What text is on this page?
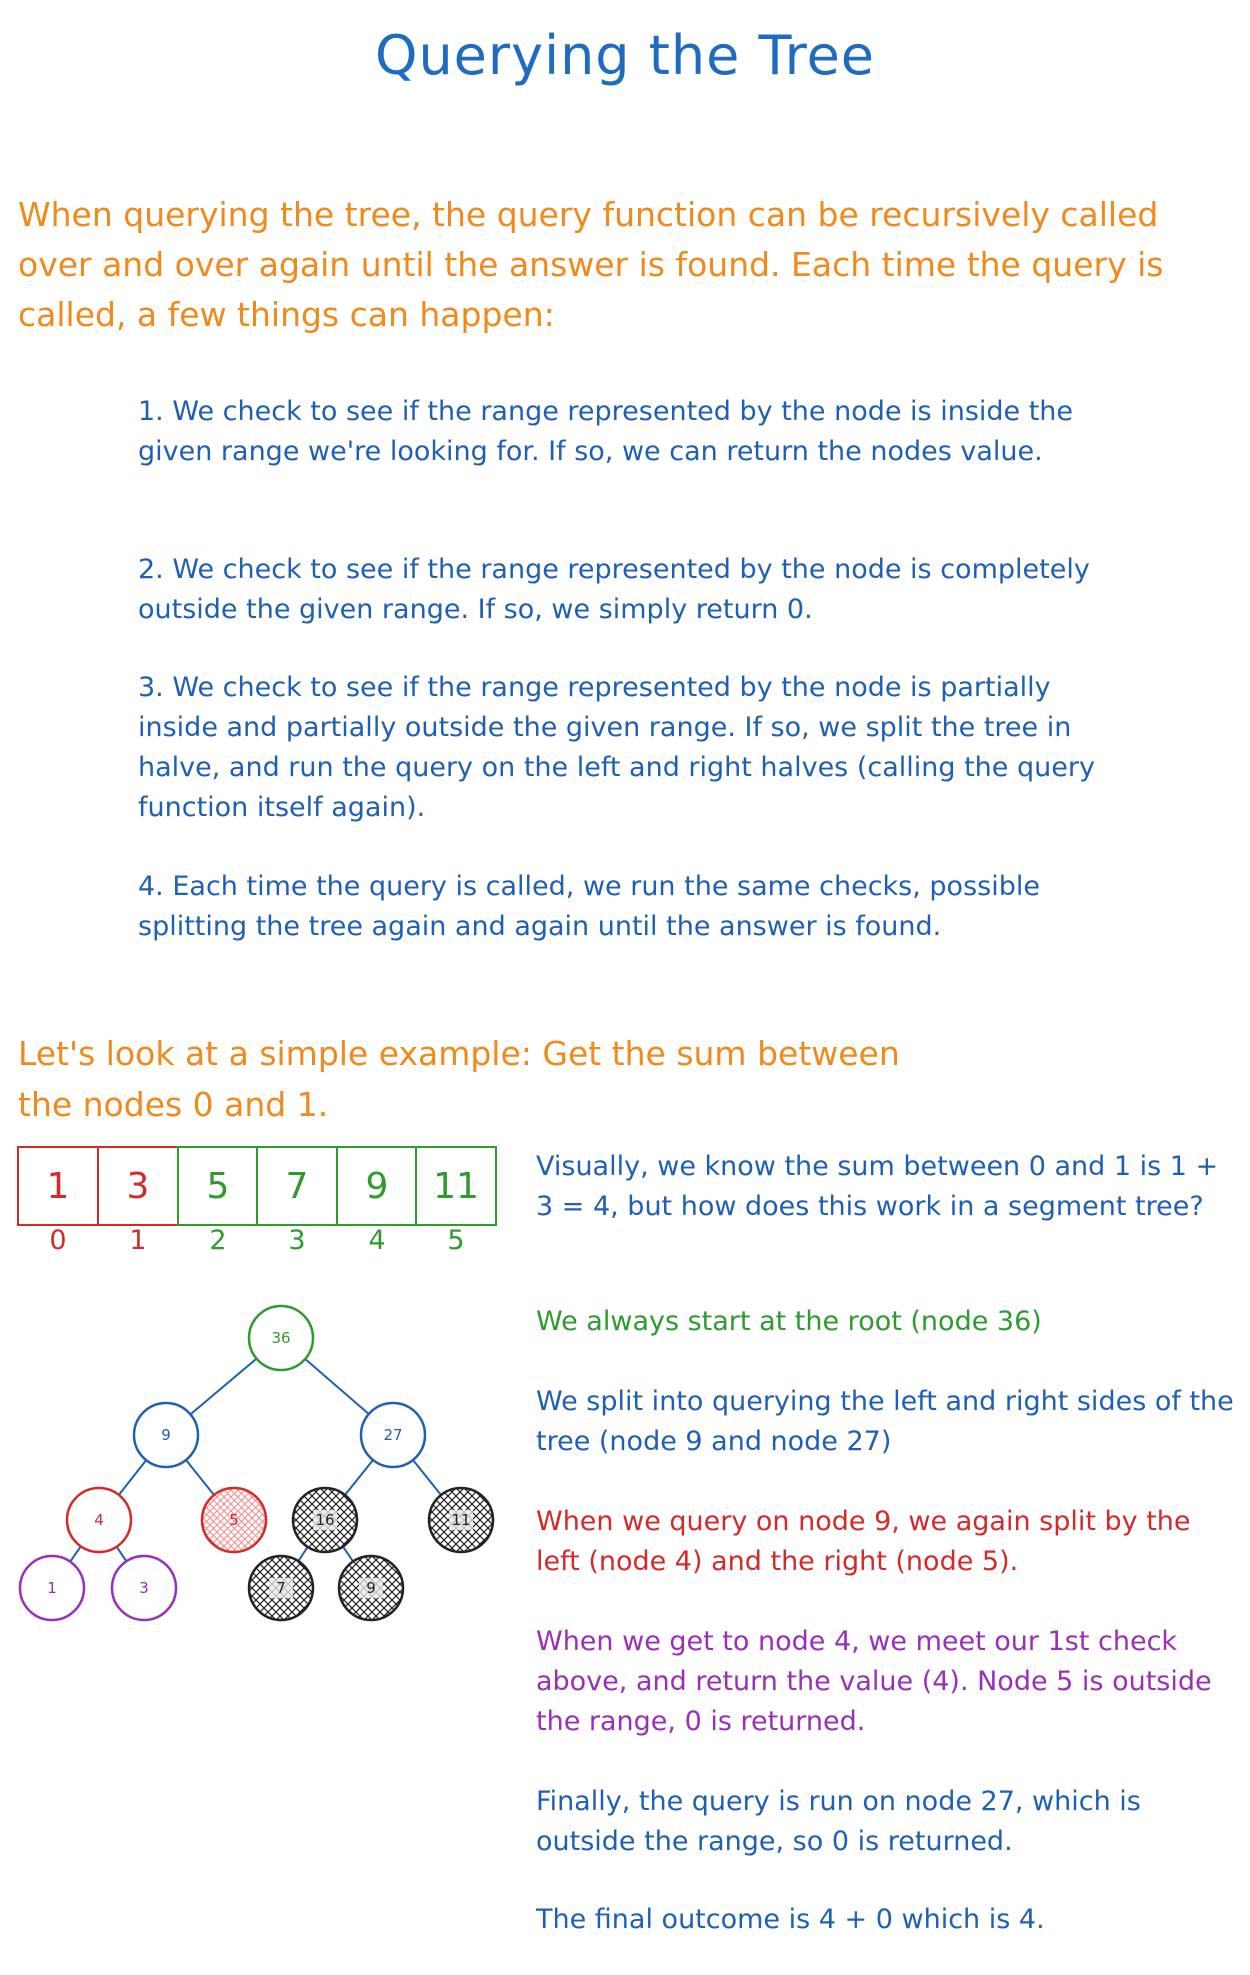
Querying the Tree
When querying the tree, the query function can be recursively called over and over again until the answer is found. Each time the query is called, a few things can happen:
1. We check to see if the range represented by the node is inside the given range we're looking for. If so, we can return the nodes value.
2. We check to see if the range represented by the node is completely outside the given range. If so, we simply return 0.
3. We check to see if the range represented by the node is partially inside and partially outside the given range. If so, we split the tree in halve, and run the query on the left and right halves (calling the query function itself again).
4. Each time the query is called, we run the same checks, possible splitting the tree again and again until the answer is found.
Let's look at a simple example: Get the sum between the nodes 0 and 1.
1	3	5	7	9	11
0	1	2	3	4	5
36
9	27
4	5	16	11
1	3	7	9
Visually, we know the sum between 0 and 1 is 1 + 3 = 4, but how does this work in a segment tree?
We always start at the root (node 36)
We split into querying the left and right sides of the tree (node 9 and node 27)
When we query on node 9, we again split by the left (node 4) and the right (node 5).
When we get to node 4, we meet our 1st check above, and return the value (4). Node 5 is outside the range, 0 is returned.
Finally, the query is run on node 27, which is outside the range, so 0 is returned.
The final outcome is 4 + 0 which is 4.
